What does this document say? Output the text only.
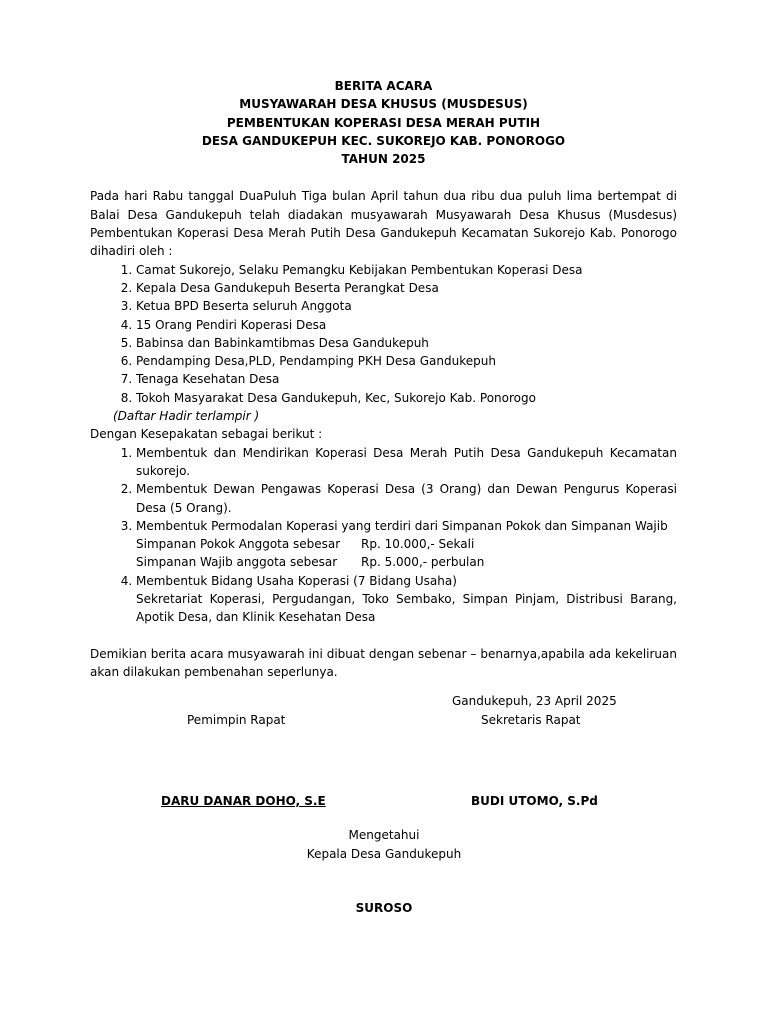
BERITA ACARA
MUSYAWARAH DESA KHUSUS (MUSDESUS)
PEMBENTUKAN KOPERASI DESA MERAH PUTIH
DESA GANDUKEPUH KEC. SUKOREJO KAB. PONOROGO
TAHUN 2025

Pada hari Rabu tanggal DuaPuluh Tiga bulan April tahun dua ribu dua puluh lima bertempat di Balai Desa Gandukepuh telah diadakan musyawarah Musyawarah Desa Khusus (Musdesus) Pembentukan Koperasi Desa Merah Putih Desa Gandukepuh Kecamatan Sukorejo Kab. Ponorogo dihadiri oleh :

1. Camat Sukorejo, Selaku Pemangku Kebijakan Pembentukan Koperasi Desa
2. Kepala Desa Gandukepuh Beserta Perangkat Desa
3. Ketua BPD Beserta seluruh Anggota
4. 15 Orang Pendiri Koperasi Desa
5. Babinsa dan Babinkamtibmas Desa Gandukepuh
6. Pendamping Desa,PLD, Pendamping PKH Desa Gandukepuh
7. Tenaga Kesehatan Desa
8. Tokoh Masyarakat Desa Gandukepuh, Kec, Sukorejo Kab. Ponorogo
(Daftar Hadir terlampir )

Dengan Kesepakatan sebagai berikut :

1. Membentuk dan Mendirikan Koperasi Desa Merah Putih Desa Gandukepuh Kecamatan sukorejo.
2. Membentuk Dewan Pengawas Koperasi Desa (3 Orang) dan Dewan Pengurus Koperasi Desa (5 Orang).
3. Membentuk Permodalan Koperasi yang terdiri dari Simpanan Pokok dan Simpanan Wajib
Simpanan Pokok Anggota sebesar	Rp. 10.000,- Sekali
Simpanan Wajib anggota sebesar	Rp. 5.000,- perbulan
4. Membentuk Bidang Usaha Koperasi (7 Bidang Usaha)
Sekretariat Koperasi, Pergudangan, Toko Sembako, Simpan Pinjam, Distribusi Barang, Apotik Desa, dan Klinik Kesehatan Desa

Demikian berita acara musyawarah ini dibuat dengan sebenar – benarnya,apabila ada kekeliruan akan dilakukan pembenahan seperlunya.

Gandukepuh, 23 April 2025
Pemimpin Rapat	Sekretaris Rapat
DARU DANAR DOHO, S.E	BUDI UTOMO, S.Pd
Mengetahui
Kepala Desa Gandukepuh
SUROSO
